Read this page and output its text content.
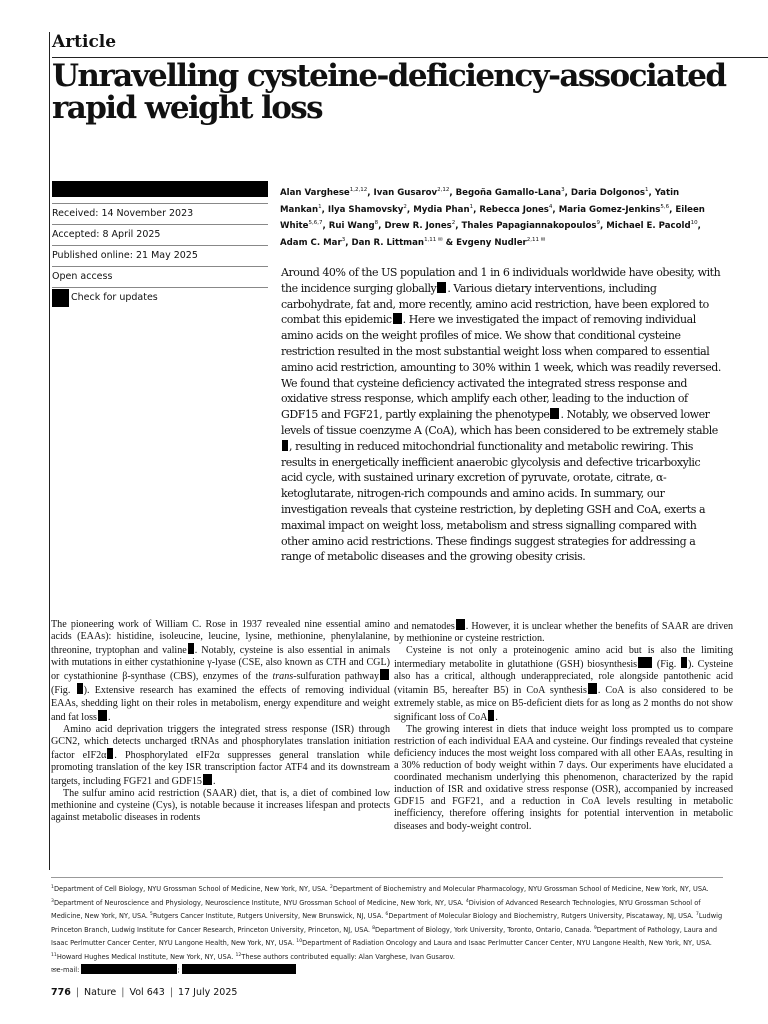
Article
Unravelling cysteine-deficiency-associated
rapid weight loss
Received: 14 November 2023
Accepted: 8 April 2025
Published online: 21 May 2025
Open access
Check for updates

Alan Varghese$^{1,2,12}$, Ivan Gusarov$^{2,12}$, Begoña Gamallo-Lana$^3$, Daria Dolgonos$^1$, Yatin Mankan$^1$, Ilya Shamovsky$^2$, Mydia Phan$^1$, Rebecca Jones$^4$, Maria Gomez-Jenkins$^{5,6}$, Eileen White$^{5,6,7}$, Rui Wang$^8$, Drew R. Jones$^2$, Thales Papagiannakopoulos$^9$, Michael E. Pacold$^{10}$, Adam C. Mar$^3$, Dan R. Littman$^{1,11 ✉}$ & Evgeny Nudler$^{2,11 ✉}$

Around 40% of the US population and 1 in 6 individuals worldwide have obesity, with the incidence surging globally . Various dietary interventions, including carbohydrate, fat and, more recently, amino acid restriction, have been explored to combat this epidemic . Here we investigated the impact of removing individual amino acids on the weight profiles of mice. We show that conditional cysteine restriction resulted in the most substantial weight loss when compared to essential amino acid restriction, amounting to 30% within 1 week, which was readily reversed. We found that cysteine deficiency activated the integrated stress response and oxidative stress response, which amplify each other, leading to the induction of GDF15 and FGF21, partly explaining the phenotype . Notably, we observed lower levels of tissue coenzyme A (CoA), which has been considered to be extremely stable, resulting in reduced mitochondrial functionality and metabolic rewiring. This results in energetically inefficient anaerobic glycolysis and defective tricarboxylic acid cycle, with sustained urinary excretion of pyruvate, orotate, citrate, α-ketoglutarate, nitrogen-rich compounds and amino acids. In summary, our investigation reveals that cysteine restriction, by depleting GSH and CoA, exerts a maximal impact on weight loss, metabolism and stress signalling compared with other amino acid restrictions. These findings suggest strategies for addressing a range of metabolic diseases and the growing obesity crisis.

The pioneering work of William C. Rose in 1937 revealed nine essential amino acids (EAAs): histidine, isoleucine, leucine, lysine, methionine, phenylalanine, threonine, tryptophan and valine . Notably, cysteine is also essential in animals with mutations in either cystathionine γ-lyase (CSE, also known as CTH and CGL) or cystathionine β-synthase (CBS), enzymes of the trans-sulfuration pathway (Fig. ). Extensive research has examined the effects of removing individual EAAs, shedding light on their roles in metabolism, energy expenditure and weight and fat loss .

Amino acid deprivation triggers the integrated stress response (ISR) through GCN2, which detects uncharged tRNAs and phosphorylates translation initiation factor eIF2α . Phosphorylated eIF2α suppresses general translation while promoting translation of the key ISR transcription factor ATF4 and its downstream targets, including FGF21 and GDF15 .

The sulfur amino acid restriction (SAAR) diet, that is, a diet of combined low methionine and cysteine (Cys), is notable because it increases lifespan and protects against metabolic diseases in rodents

and nematodes . However, it is unclear whether the benefits of SAAR are driven by methionine or cysteine restriction.

Cysteine is not only a proteinogenic amino acid but is also the limiting intermediary metabolite in glutathione (GSH) biosynthesis (Fig. ). Cysteine also has a critical, although underappreciated, role alongside pantothenic acid (vitamin B5, hereafter B5) in CoA synthesis . CoA is also considered to be extremely stable, as mice on B5-deficient diets for as long as 2 months do not show significant loss of CoA .

The growing interest in diets that induce weight loss prompted us to compare restriction of each individual EAA and cysteine. Our findings revealed that cysteine deficiency induces the most weight loss compared with all other EAAs, resulting in a 30% reduction of body weight within 7 days. Our experiments have elucidated a coordinated mechanism underlying this phenomenon, characterized by the rapid induction of ISR and oxidative stress response (OSR), accompanied by increased GDF15 and FGF21, and a reduction in CoA levels resulting in metabolic inefficiency, therefore offering insights for potential intervention in metabolic diseases and body-weight control.

$^1$Department of Cell Biology, NYU Grossman School of Medicine, New York, NY, USA. $^2$Department of Biochemistry and Molecular Pharmacology, NYU Grossman School of Medicine, New York, NY, USA. $^3$Department of Neuroscience and Physiology, Neuroscience Institute, NYU Grossman School of Medicine, New York, NY, USA. $^4$Division of Advanced Research Technologies, NYU Grossman School of Medicine, New York, NY, USA. $^5$Rutgers Cancer Institute, Rutgers University, New Brunswick, NJ, USA. $^6$Department of Molecular Biology and Biochemistry, Rutgers University, Piscataway, NJ, USA. $^7$Ludwig Princeton Branch, Ludwig Institute for Cancer Research, Princeton University, Princeton, NJ, USA. $^8$Department of Biology, York University, Toronto, Ontario, Canada. $^9$Department of Pathology, Laura and Isaac Perlmutter Cancer Center, NYU Langone Health, New York, NY, USA. $^{10}$Department of Radiation Oncology and Laura and Isaac Perlmutter Cancer Center, NYU Langone Health, New York, NY, USA. $^{11}$Howard Hughes Medical Institute, New York, NY, USA. $^{12}$These authors contributed equally: Alan Varghese, Ivan Gusarov.
✉e-mail:	;

776 | Nature | Vol 643 | 17 July 2025
